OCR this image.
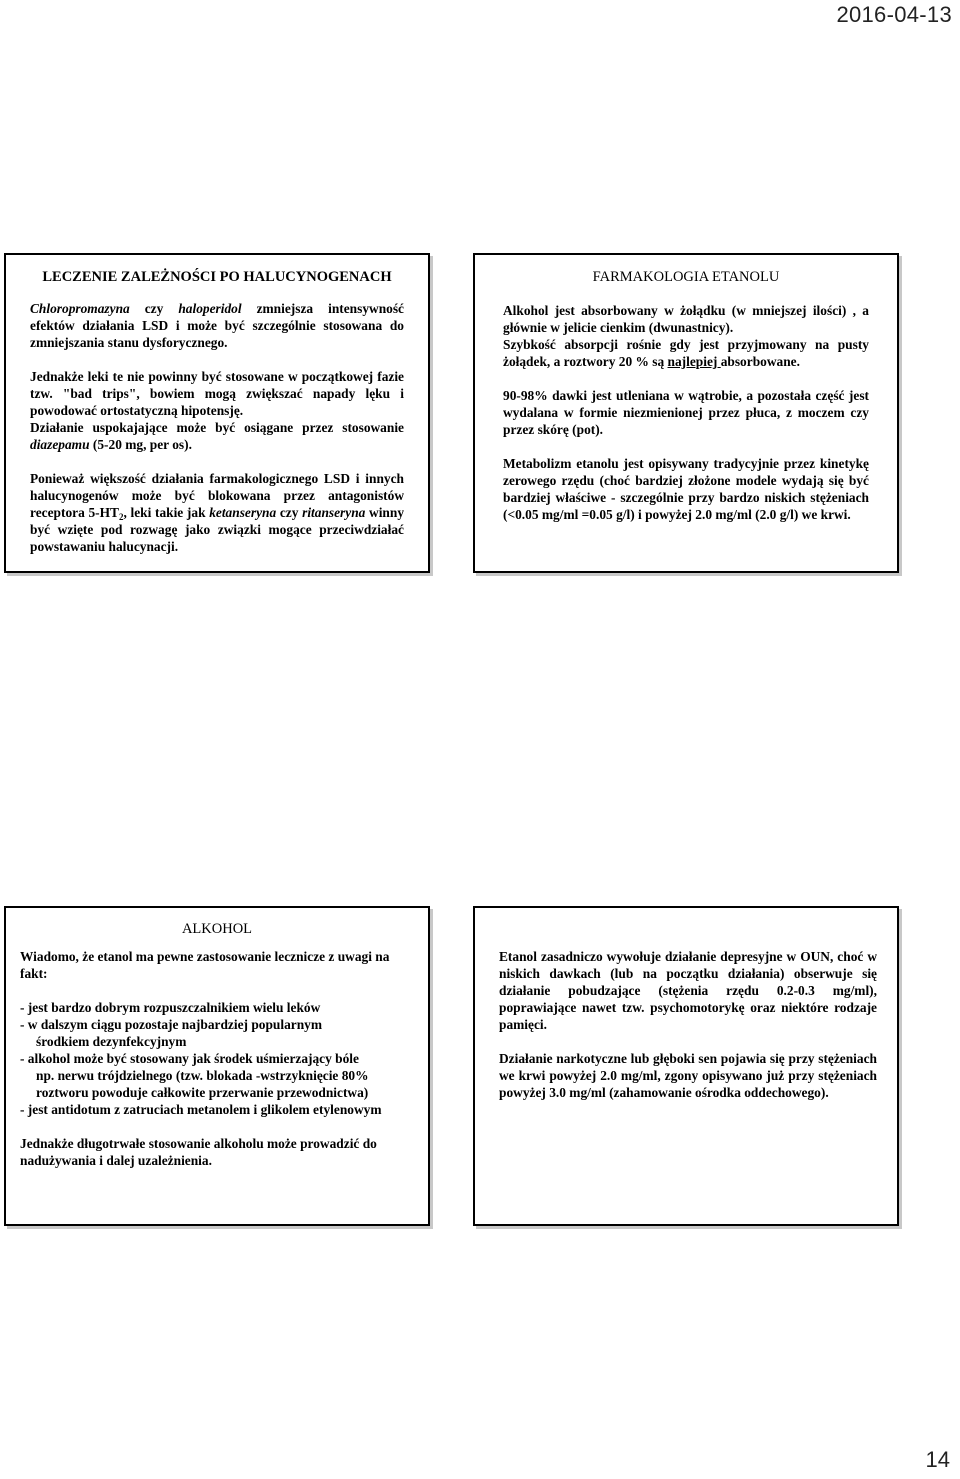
2016-04-13
LECZENIE ZALEŻNOŚCI PO HALUCYNOGENACH

Chloropromazyna czy haloperidol zmniejsza intensywność efektów działania LSD i może być szczególnie stosowana do zmniejszania stanu dysforycznego.

Jednakże leki te nie powinny być stosowane w początkowej fazie tzw. "bad trips", bowiem mogą zwiększać napady lęku i powodować ortostatyczną hipotensję.

Działanie uspokajające może być osiągane przez stosowanie diazepamu (5-20 mg, per os).

Ponieważ większość działania farmakologicznego LSD i innych halucynogenów może być blokowana przez antagonistów receptora $5-HT_2$, leki takie jak ketanseryna czy ritanseryna winny być wzięte pod rozwagę jako związki mogące przeciwdziałać powstawaniu halucynacji.

FARMAKOLOGIA ETANOLU

Alkohol jest absorbowany w żołądku (w mniejszej ilości) , a głównie w jelicie cienkim (dwunastnicy).

Szybkość absorpcji rośnie gdy jest przyjmowany na pusty żołądek, a roztwory 20 % są najlepiej absorbowane.

90-98% dawki jest utleniana w wątrobie, a pozostała część jest wydalana w formie niezmienionej przez płuca, z moczem czy przez skórę (pot).

Metabolizm etanolu jest opisywany tradycyjnie przez kinetykę zerowego rzędu (choć bardziej złożone modele wydają się być bardziej właściwe - szczególnie przy bardzo niskich stężeniach (<0.05 mg/ml =0.05 g/l) i powyżej 2.0 mg/ml (2.0 g/l) we krwi.

ALKOHOL

Wiadomo, że etanol ma pewne zastosowanie lecznicze z uwagi na fakt:

- jest bardzo dobrym rozpuszczalnikiem wielu leków

- w dalszym ciągu pozostaje najbardziej popularnym

środkiem dezynfekcyjnym

- alkohol może być stosowany jak środek uśmierzający bóle

np. nerwu trójdzielnego (tzw. blokada -wstrzyknięcie 80%

roztworu powoduje całkowite przerwanie przewodnictwa)

- jest antidotum z zatruciach metanolem i glikolem etylenowym

Jednakże długotrwałe stosowanie alkoholu może prowadzić do nadużywania i dalej uzależnienia.

Etanol zasadniczo wywołuje działanie depresyjne w OUN, choć w niskich dawkach (lub na początku działania) obserwuje się działanie pobudzające (stężenia rzędu 0.2-0.3 mg/ml), poprawiające nawet tzw. psychomotorykę oraz niektóre rodzaje pamięci.

Działanie narkotyczne lub głęboki sen pojawia się przy stężeniach we krwi powyżej 2.0 mg/ml, zgony opisywano już przy stężeniach powyżej 3.0 mg/ml (zahamowanie ośrodka oddechowego).

14
